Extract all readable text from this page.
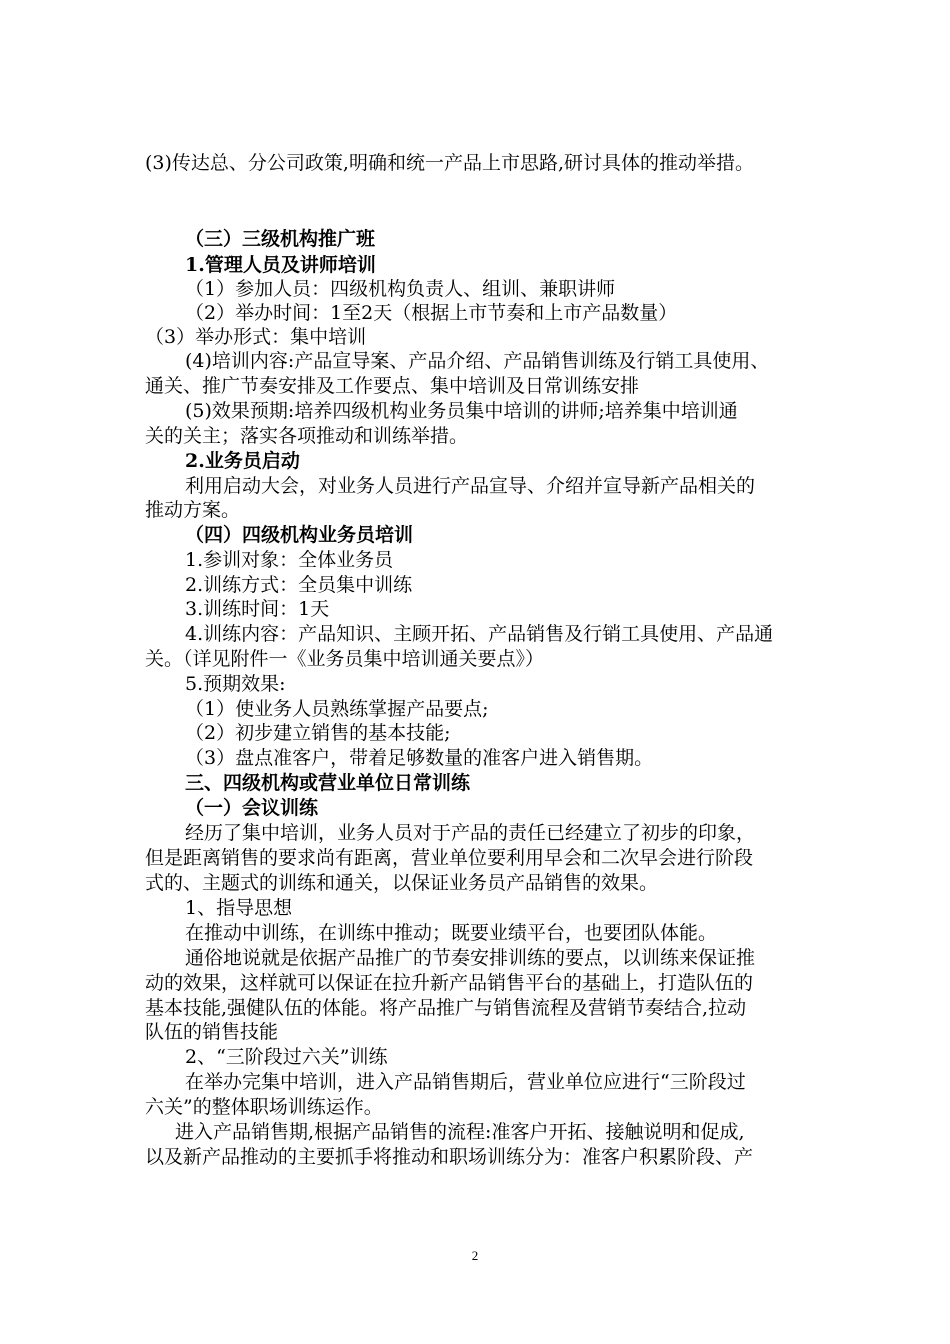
(3)传达总、分公司政策,明确和统一产品上市思路,研讨具体的推动举措。
（三）三级机构推广班
1.管理人员及讲师培训
（1）参加人员：四级机构负责人、组训、兼职讲师
（2）举办时间：1至2天（根据上市节奏和上市产品数量）
（3）举办形式：集中培训
(4)培训内容:产品宣导案、产品介绍、产品销售训练及行销工具使用、
通关、推广节奏安排及工作要点、集中培训及日常训练安排
(5)效果预期:培养四级机构业务员集中培训的讲师;培养集中培训通
关的关主；落实各项推动和训练举措。
2.业务员启动
利用启动大会，对业务人员进行产品宣导、介绍并宣导新产品相关的
推动方案。
（四）四级机构业务员培训
1.参训对象：全体业务员
2.训练方式：全员集中训练
3.训练时间：1天
4.训练内容：产品知识、主顾开拓、产品销售及行销工具使用、产品通
关。（详见附件一《业务员集中培训通关要点》）
5.预期效果:
（1）使业务人员熟练掌握产品要点;
（2）初步建立销售的基本技能;
（3）盘点准客户，带着足够数量的准客户进入销售期。
三、四级机构或营业单位日常训练
（一）会议训练
经历了集中培训，业务人员对于产品的责任已经建立了初步的印象，
但是距离销售的要求尚有距离，营业单位要利用早会和二次早会进行阶段
式的、主题式的训练和通关，以保证业务员产品销售的效果。
1、指导思想
在推动中训练，在训练中推动；既要业绩平台，也要团队体能。
通俗地说就是依据产品推广的节奏安排训练的要点，以训练来保证推
动的效果，这样就可以保证在拉升新产品销售平台的基础上，打造队伍的
基本技能,强健队伍的体能。将产品推广与销售流程及营销节奏结合,拉动
队伍的销售技能
2、“三阶段过六关”训练
在举办完集中培训，进入产品销售期后，营业单位应进行“三阶段过
六关”的整体职场训练运作。
进入产品销售期,根据产品销售的流程:准客户开拓、接触说明和促成,
以及新产品推动的主要抓手将推动和职场训练分为：准客户积累阶段、产
2
